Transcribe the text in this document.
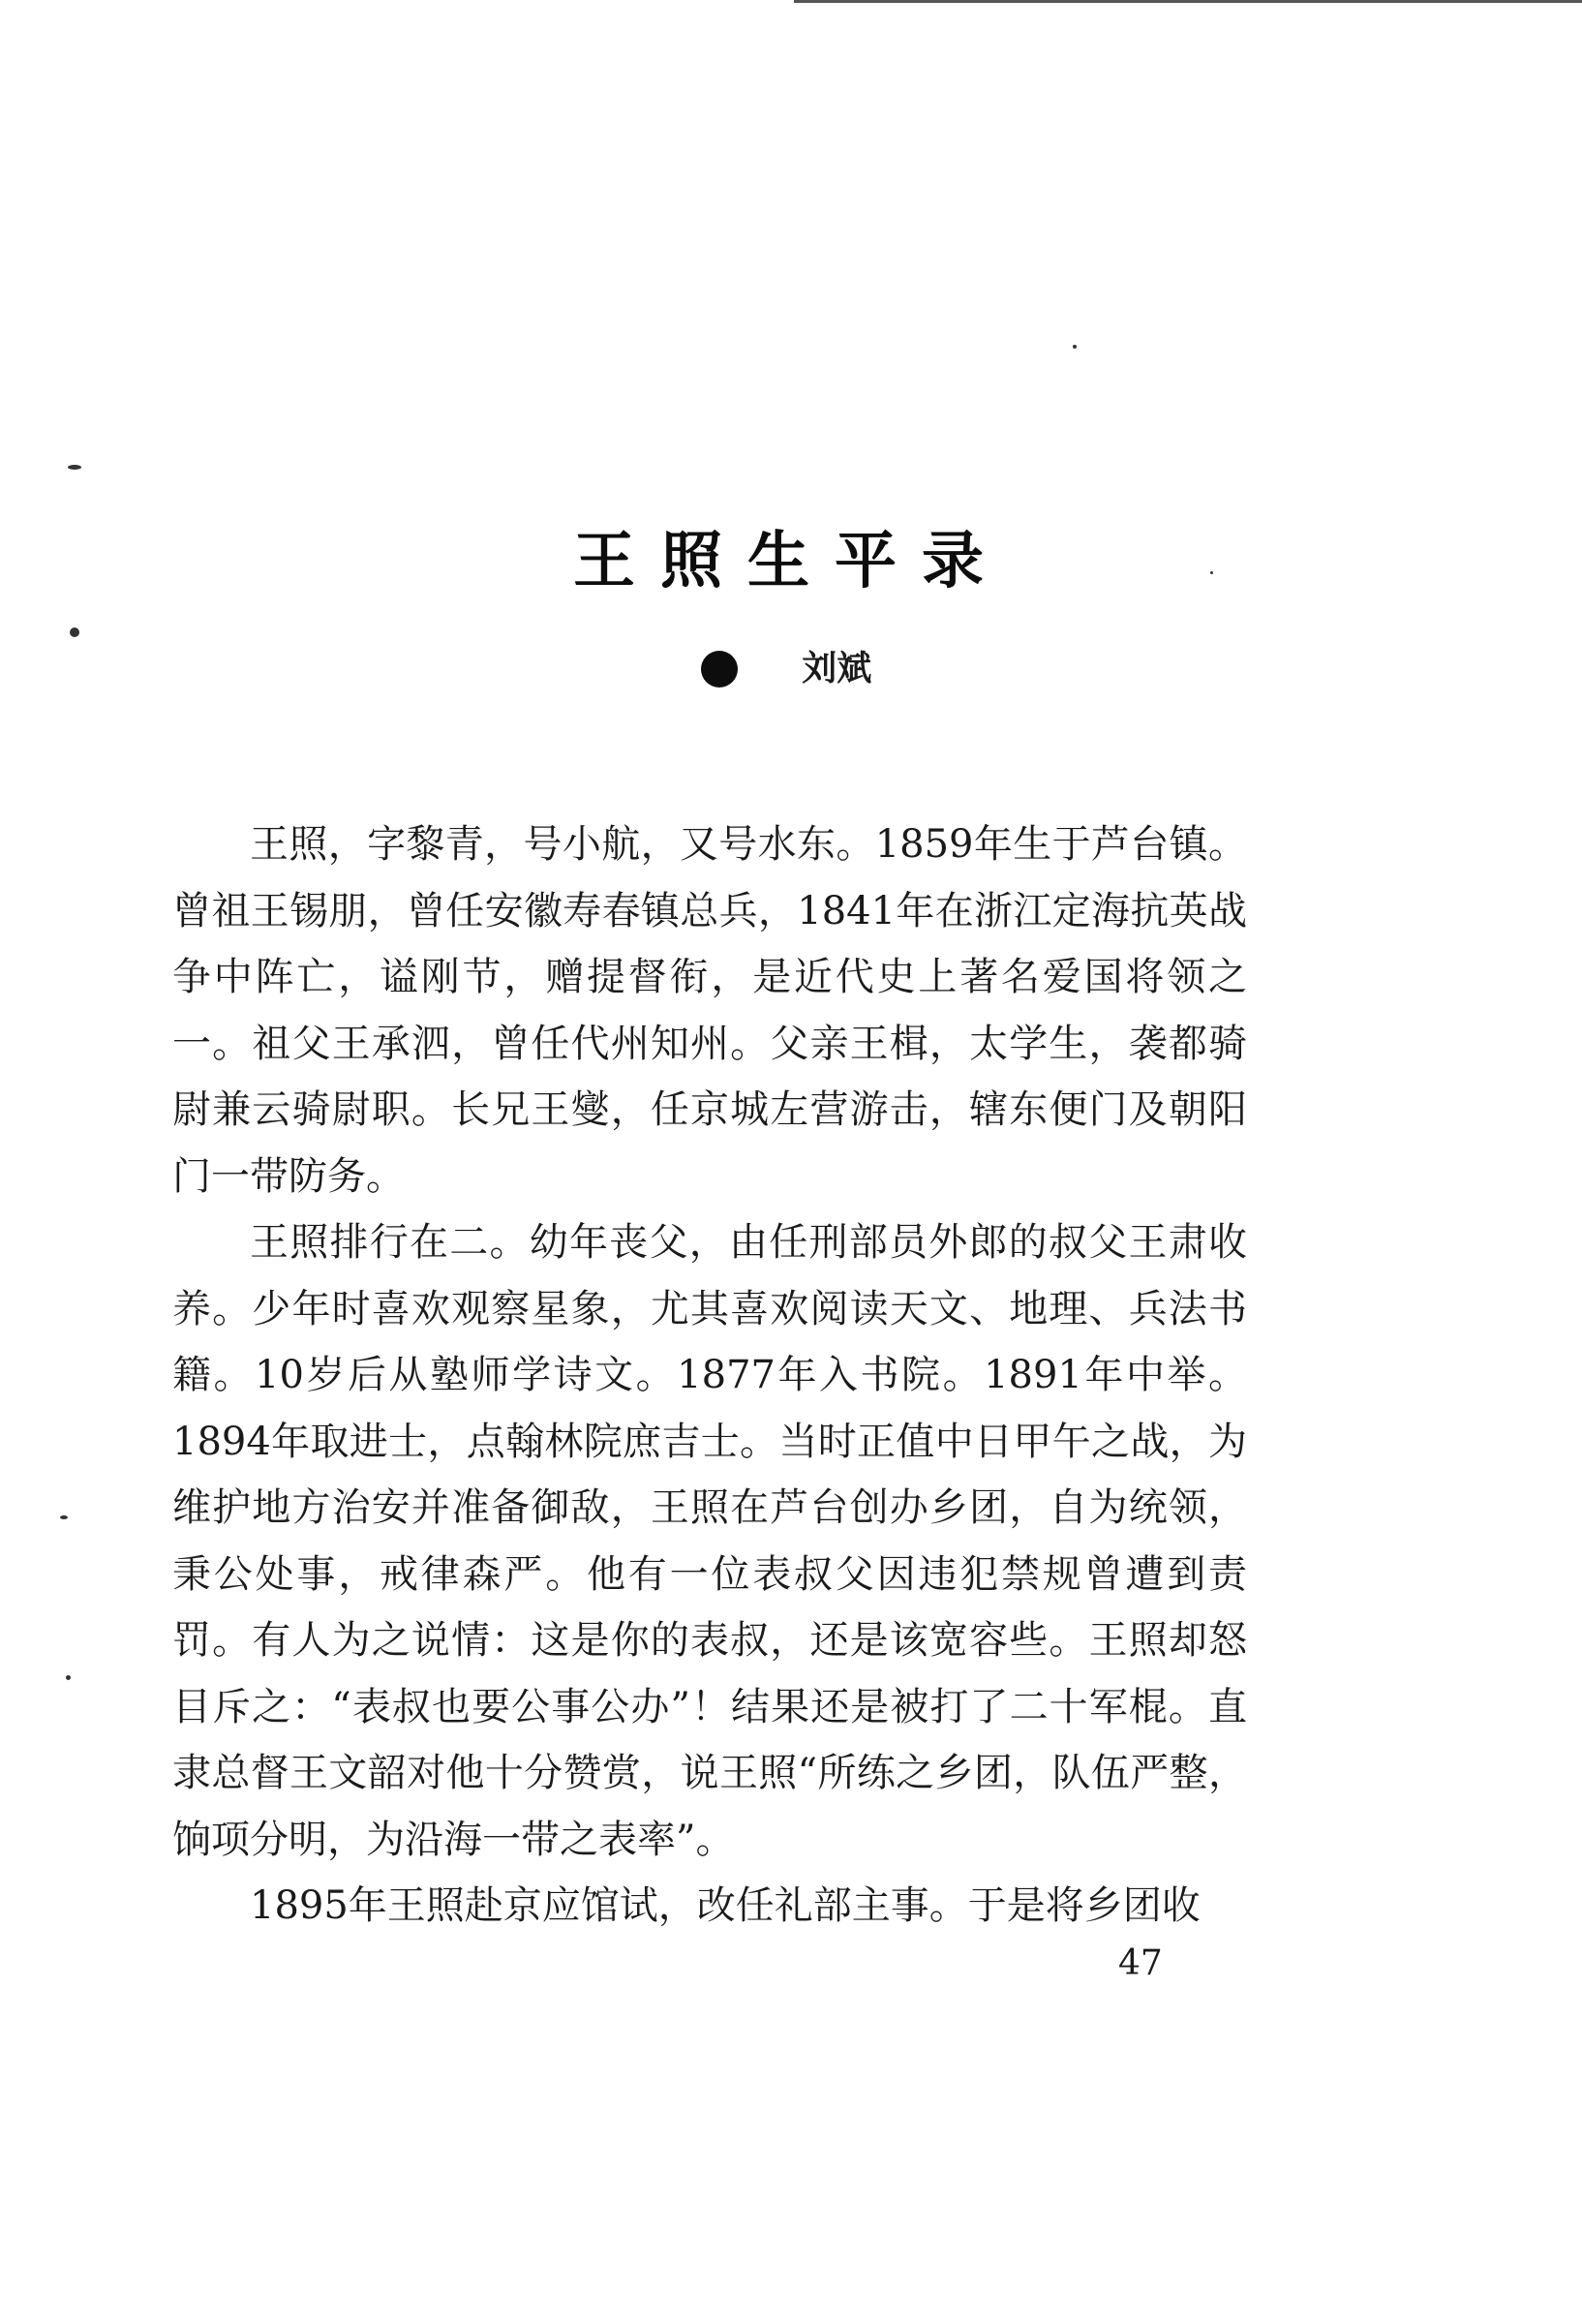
王照生平录
刘斌

王照，字黎青，号小航，又号水东。1859年生于芦台镇。曾祖王锡朋，曾任安徽寿春镇总兵，1841年在浙江定海抗英战争中阵亡，谥刚节，赠提督衔，是近代史上著名爱国将领之一。祖父王承泗，曾任代州知州。父亲王楫，太学生，袭都骑尉兼云骑尉职。长兄王燮，任京城左营游击，辖东便门及朝阳门一带防务。

王照排行在二。幼年丧父，由任刑部员外郎的叔父王肃收养。少年时喜欢观察星象，尤其喜欢阅读天文、地理、兵法书籍。10岁后从塾师学诗文。1877年入书院。1891年中举。1894年取进士，点翰林院庶吉士。当时正值中日甲午之战，为维护地方治安并准备御敌，王照在芦台创办乡团，自为统领，秉公处事，戒律森严。他有一位表叔父因违犯禁规曾遭到责罚。有人为之说情：这是你的表叔，还是该宽容些。王照却怒目斥之：“表叔也要公事公办”！结果还是被打了二十军棍。直隶总督王文韶对他十分赞赏，说王照“所练之乡团，队伍严整，饷项分明，为沿海一带之表率”。

1895年王照赴京应馆试，改任礼部主事。于是将乡团收

47
